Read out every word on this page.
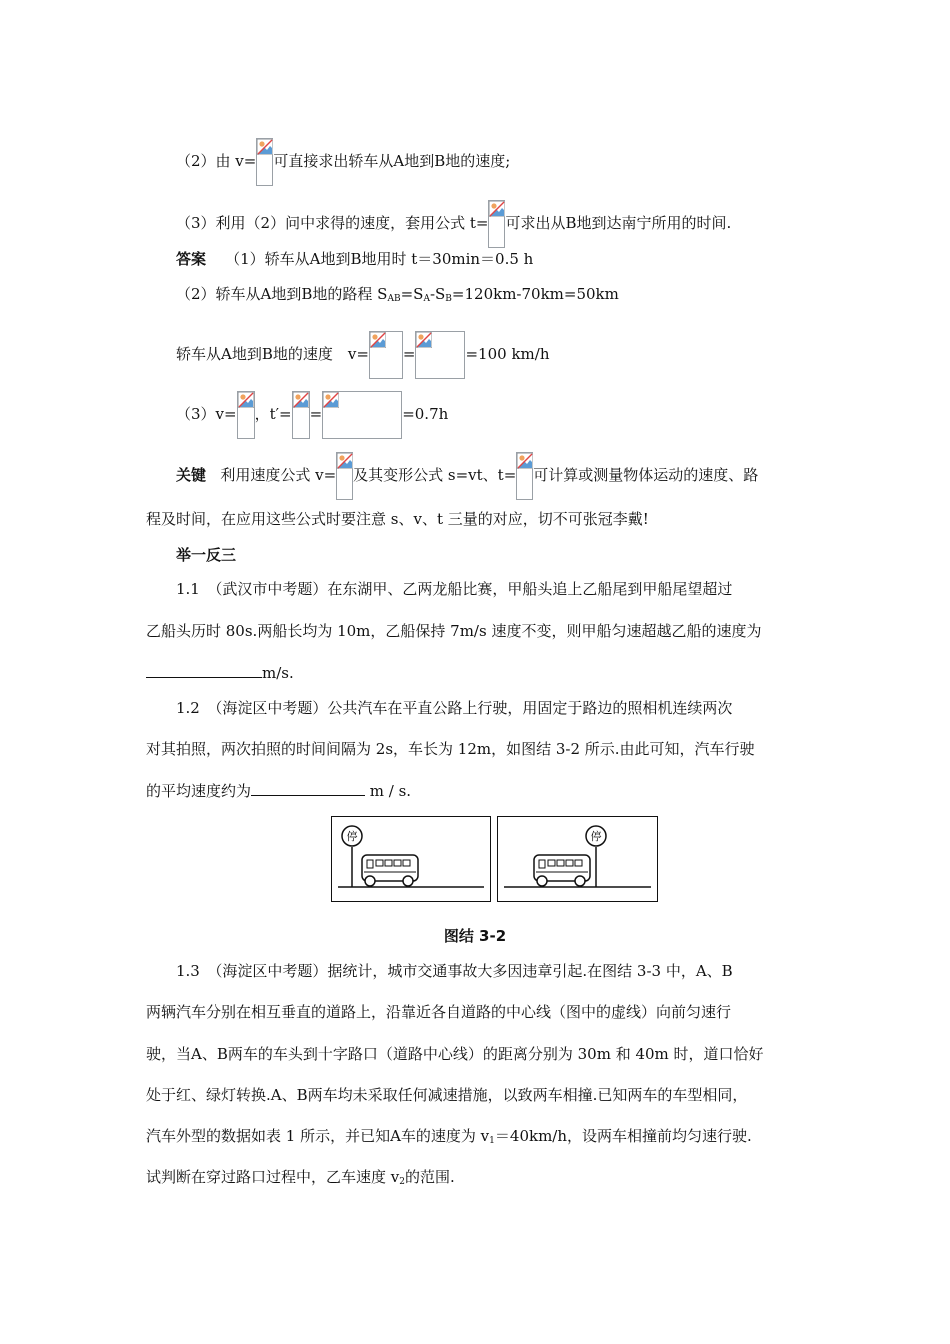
（2）由 v= 可直接求出轿车从A地到B地的速度;
（3）利用（2）问中求得的速度，套用公式 t= 可求出从B地到达南宁所用的时间.
答案 （1）轿车从A地到B地用时 t＝30min＝0.5 h
（2）轿车从A地到B地的路程 $S_{AB}=S_A-S_B=120km-70km=50km$
轿车从A地到B地的速度　v= =	=100 km/h
（3）v= ，t′= =	=0.7h
关键 利用速度公式 v= 及其变形公式 s=vt、t= 可计算或测量物体运动的速度、路
程及时间，在应用这些公式时要注意 s、v、t 三量的对应，切不可张冠李戴!
举一反三
1.1　（武汉市中考题）在东湖甲、乙两龙船比赛，甲船头追上乙船尾到甲船尾望超过
乙船头历时 80s.两船长均为 10m，乙船保持 7m/s 速度不变，则甲船匀速超越乙船的速度为
m/s.
1.2　（海淀区中考题）公共汽车在平直公路上行驶，用固定于路边的照相机连续两次
对其拍照，两次拍照的时间间隔为 2s，车长为 12m，如图结 3-2 所示.由此可知，汽车行驶
的平均速度约为	m / s.
停	停
图结 3-2
1.3　（海淀区中考题）据统计，城市交通事故大多因违章引起.在图结 3-3 中，A、B
两辆汽车分别在相互垂直的道路上，沿靠近各自道路的中心线（图中的虚线）向前匀速行
驶，当A、B两车的车头到十字路口（道路中心线）的距离分别为 30m 和 40m 时，道口恰好
处于红、绿灯转换.A、B两车均未采取任何减速措施，以致两车相撞.已知两车的车型相同，
汽车外型的数据如表 1 所示，并已知A车的速度为 $v_1=40km/h$，设两车相撞前均匀速行驶.
试判断在穿过路口过程中，乙车速度 $v_2$的范围.
